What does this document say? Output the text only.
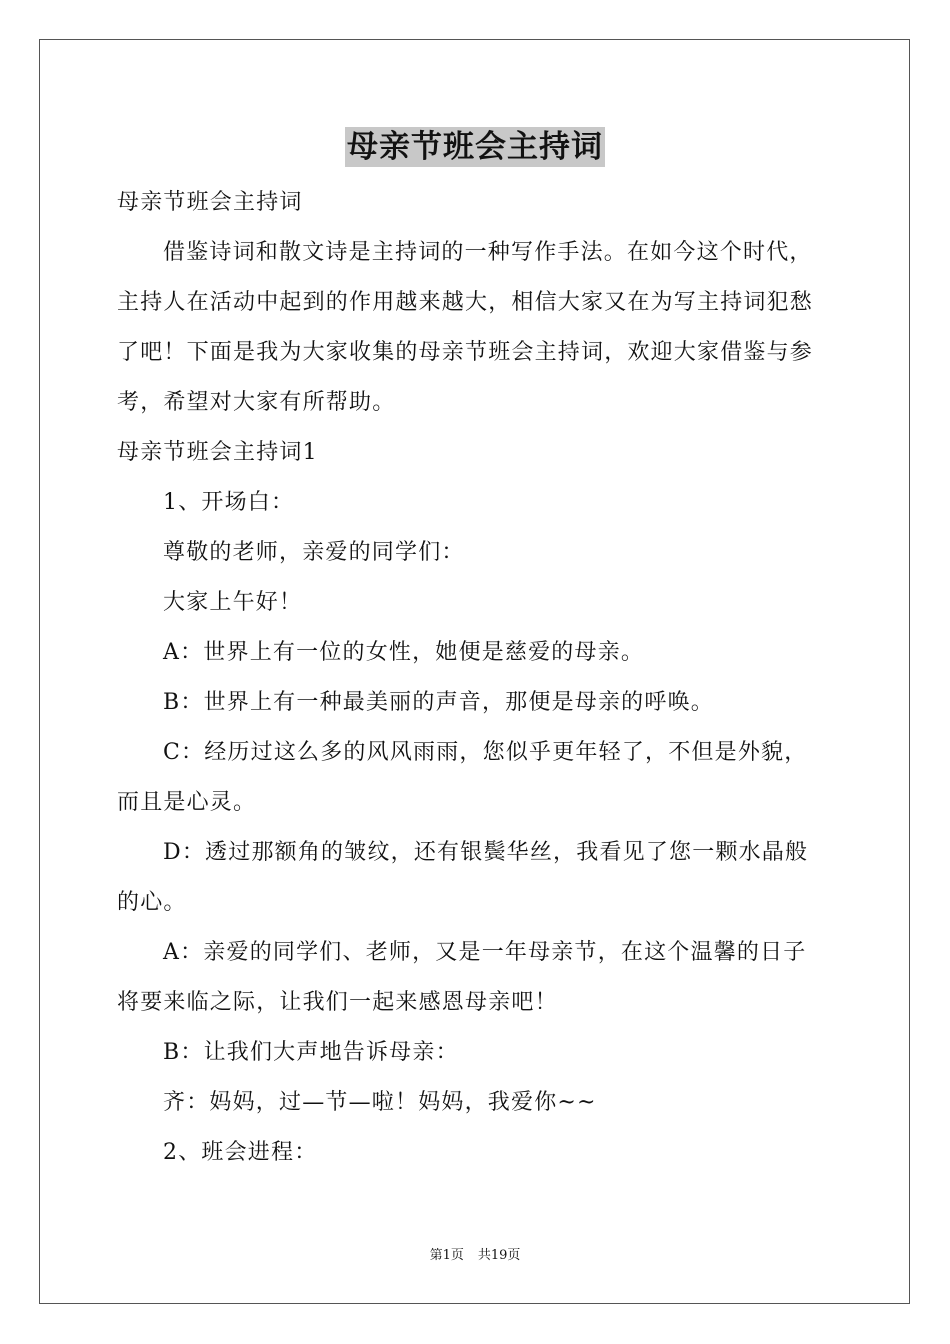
母亲节班会主持词
母亲节班会主持词
借鉴诗词和散文诗是主持词的一种写作手法。在如今这个时代，
主持人在活动中起到的作用越来越大，相信大家又在为写主持词犯愁
了吧！下面是我为大家收集的母亲节班会主持词，欢迎大家借鉴与参
考，希望对大家有所帮助。
母亲节班会主持词1
1、开场白：
尊敬的老师，亲爱的同学们：
大家上午好！
A：世界上有一位的女性，她便是慈爱的母亲。
B：世界上有一种最美丽的声音，那便是母亲的呼唤。
C：经历过这么多的风风雨雨，您似乎更年轻了，不但是外貌，
而且是心灵。
D：透过那额角的皱纹，还有银鬓华丝，我看见了您一颗水晶般
的心。
A：亲爱的同学们、老师，又是一年母亲节，在这个温馨的日子
将要来临之际，让我们一起来感恩母亲吧！
B：让我们大声地告诉母亲：
齐：妈妈，过—节—啦！妈妈，我爱你~~
2、班会进程：
第1页 共19页
